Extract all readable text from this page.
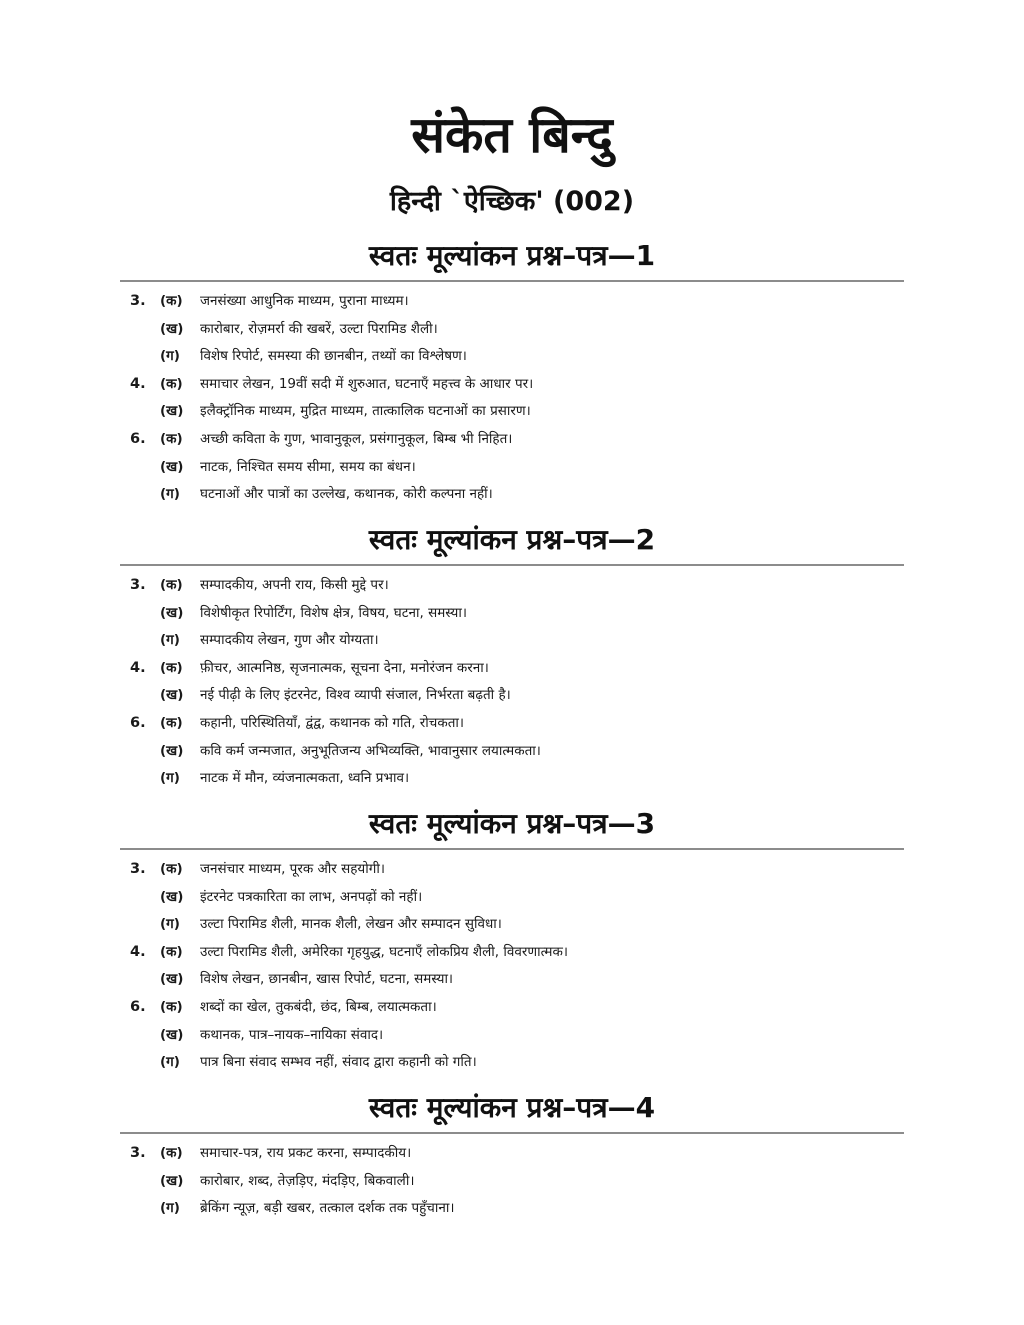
संकेत बिन्दु
हिन्दी `ऐच्छिक' (002)
स्वतः मूल्यांकन प्रश्न–पत्र—1
3.	(क)	जनसंख्या आधुनिक माध्यम, पुराना माध्यम।
(ख)	कारोबार, रोज़मर्रा की खबरें, उल्टा पिरामिड शैली।
(ग)	विशेष रिपोर्ट, समस्या की छानबीन, तथ्यों का विश्लेषण।
4.	(क)	समाचार लेखन, 19वीं सदी में शुरुआत, घटनाएँ महत्त्व के आधार पर।
(ख)	इलैक्ट्रॉनिक माध्यम, मुद्रित माध्यम, तात्कालिक घटनाओं का प्रसारण।
6.	(क)	अच्छी कविता के गुण, भावानुकूल, प्रसंगानुकूल, बिम्ब भी निहित।
(ख)	नाटक, निश्चित समय सीमा, समय का बंधन।
(ग)	घटनाओं और पात्रों का उल्लेख, कथानक, कोरी कल्पना नहीं।
स्वतः मूल्यांकन प्रश्न–पत्र—2
3.	(क)	सम्पादकीय, अपनी राय, किसी मुद्दे पर।
(ख)	विशेषीकृत रिपोर्टिंग, विशेष क्षेत्र, विषय, घटना, समस्या।
(ग)	सम्पादकीय लेखन, गुण और योग्यता।
4.	(क)	फ़ीचर, आत्मनिष्ठ, सृजनात्मक, सूचना देना, मनोरंजन करना।
(ख)	नई पीढ़ी के लिए इंटरनेट, विश्व व्यापी संजाल, निर्भरता बढ़ती है।
6.	(क)	कहानी, परिस्थितियाँ, द्वंद्व, कथानक को गति, रोचकता।
(ख)	कवि कर्म जन्मजात, अनुभूतिजन्य अभिव्यक्ति, भावानुसार लयात्मकता।
(ग)	नाटक में मौन, व्यंजनात्मकता, ध्वनि प्रभाव।
स्वतः मूल्यांकन प्रश्न–पत्र—3
3.	(क)	जनसंचार माध्यम, पूरक और सहयोगी।
(ख)	इंटरनेट पत्रकारिता का लाभ, अनपढ़ों को नहीं।
(ग)	उल्टा पिरामिड शैली, मानक शैली, लेखन और सम्पादन सुविधा।
4.	(क)	उल्टा पिरामिड शैली, अमेरिका गृहयुद्ध, घटनाएँ लोकप्रिय शैली, विवरणात्मक।
(ख)	विशेष लेखन, छानबीन, खास रिपोर्ट, घटना, समस्या।
6.	(क)	शब्दों का खेल, तुकबंदी, छंद, बिम्ब, लयात्मकता।
(ख)	कथानक, पात्र–नायक–नायिका संवाद।
(ग)	पात्र बिना संवाद सम्भव नहीं, संवाद द्वारा कहानी को गति।
स्वतः मूल्यांकन प्रश्न–पत्र—4
3.	(क)	समाचार-पत्र, राय प्रकट करना, सम्पादकीय।
(ख)	कारोबार, शब्द, तेज़ड़िए, मंदड़िए, बिकवाली।
(ग)	ब्रेकिंग न्यूज़, बड़ी खबर, तत्काल दर्शक तक पहुँचाना।
